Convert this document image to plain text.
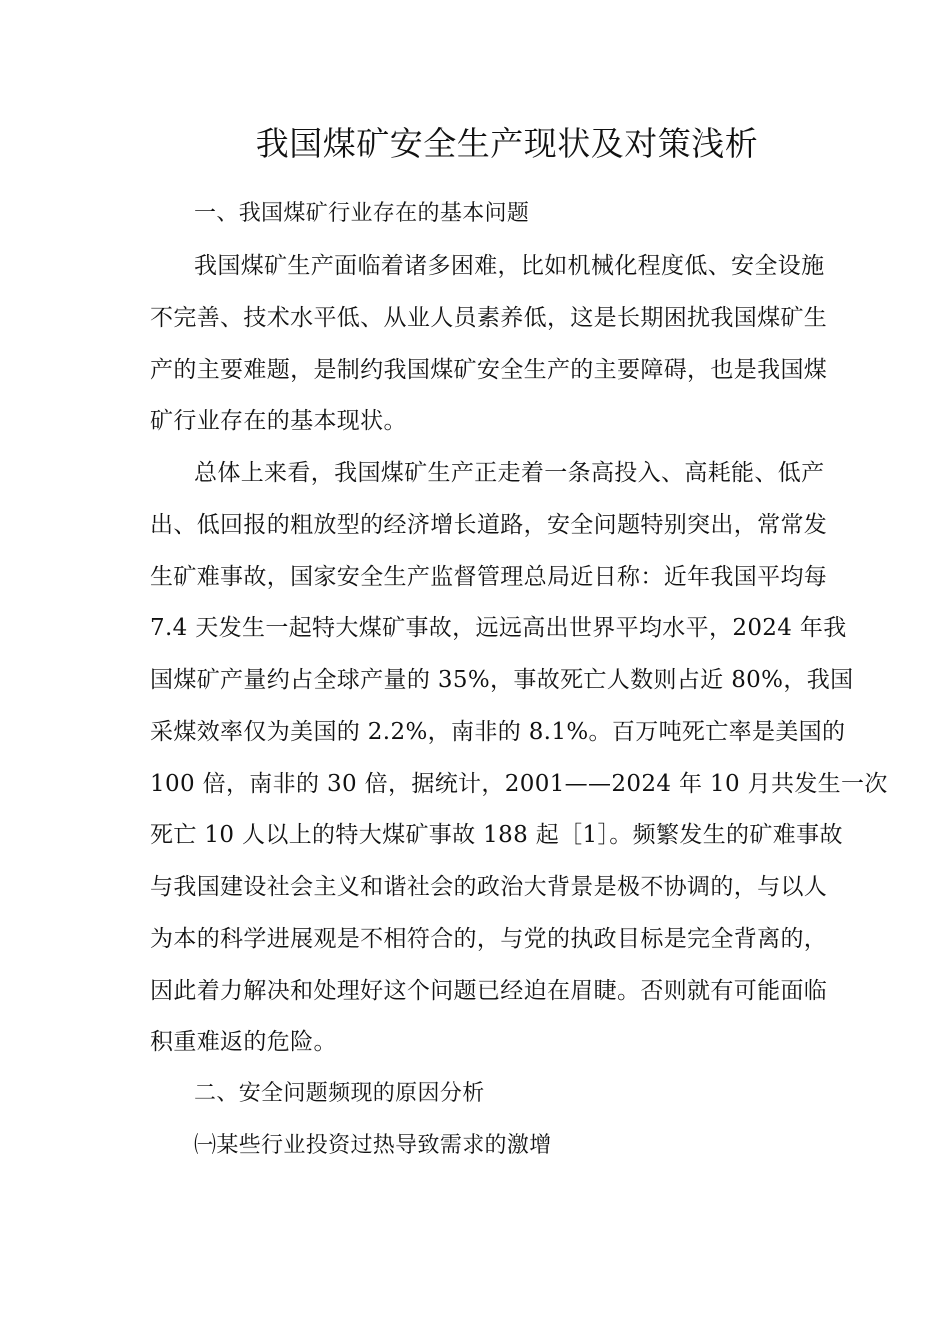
我国煤矿安全生产现状及对策浅析
一、我国煤矿行业存在的基本问题
我国煤矿生产面临着诸多困难，比如机械化程度低、安全设施
不完善、技术水平低、从业人员素养低，这是长期困扰我国煤矿生
产的主要难题，是制约我国煤矿安全生产的主要障碍，也是我国煤
矿行业存在的基本现状。
总体上来看，我国煤矿生产正走着一条高投入、高耗能、低产
出、低回报的粗放型的经济增长道路，安全问题特别突出，常常发
生矿难事故，国家安全生产监督管理总局近日称：近年我国平均每
7.4 天发生一起特大煤矿事故，远远高出世界平均水平，2024 年我
国煤矿产量约占全球产量的 35%，事故死亡人数则占近 80%，我国
采煤效率仅为美国的 2.2%，南非的 8.1%。百万吨死亡率是美国的
100 倍，南非的 30 倍，据统计，2001——2024 年 10 月共发生一次
死亡 10 人以上的特大煤矿事故 188 起［1］。频繁发生的矿难事故
与我国建设社会主义和谐社会的政治大背景是极不协调的，与以人
为本的科学进展观是不相符合的，与党的执政目标是完全背离的，
因此着力解决和处理好这个问题已经迫在眉睫。否则就有可能面临
积重难返的危险。
二、安全问题频现的原因分析
㈠某些行业投资过热导致需求的激增
